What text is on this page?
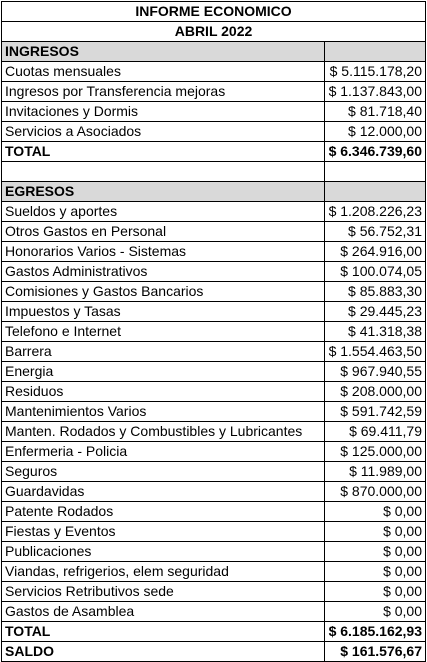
INFORME ECONOMICO	
ABRIL 2022	
INGRESOS	
Cuotas mensuales	$ 5.115.178,20
Ingresos por Transferencia mejoras	$ 1.137.843,00
Invitaciones y Dormis	$ 81.718,40
Servicios a Asociados	$ 12.000,00
TOTAL	$ 6.346.739,60

EGRESOS	
Sueldos y aportes	$ 1.208.226,23
Otros Gastos en Personal	$ 56.752,31
Honorarios Varios - Sistemas	$ 264.916,00
Gastos Administrativos	$ 100.074,05
Comisiones y Gastos Bancarios	$ 85.883,30
Impuestos y Tasas	$ 29.445,23
Telefono e Internet	$ 41.318,38
Barrera	$ 1.554.463,50
Energia	$ 967.940,55
Residuos	$ 208.000,00
Mantenimientos Varios	$ 591.742,59
Manten. Rodados y Combustibles y Lubricantes	$ 69.411,79
Enfermeria - Policia	$ 125.000,00
Seguros	$ 11.989,00
Guardavidas	$ 870.000,00
Patente Rodados	$ 0,00
Fiestas y Eventos	$ 0,00
Publicaciones	$ 0,00
Viandas, refrigerios, elem seguridad	$ 0,00
Servicios Retributivos sede	$ 0,00
Gastos de Asamblea	$ 0,00
TOTAL	$ 6.185.162,93
SALDO	$ 161.576,67
